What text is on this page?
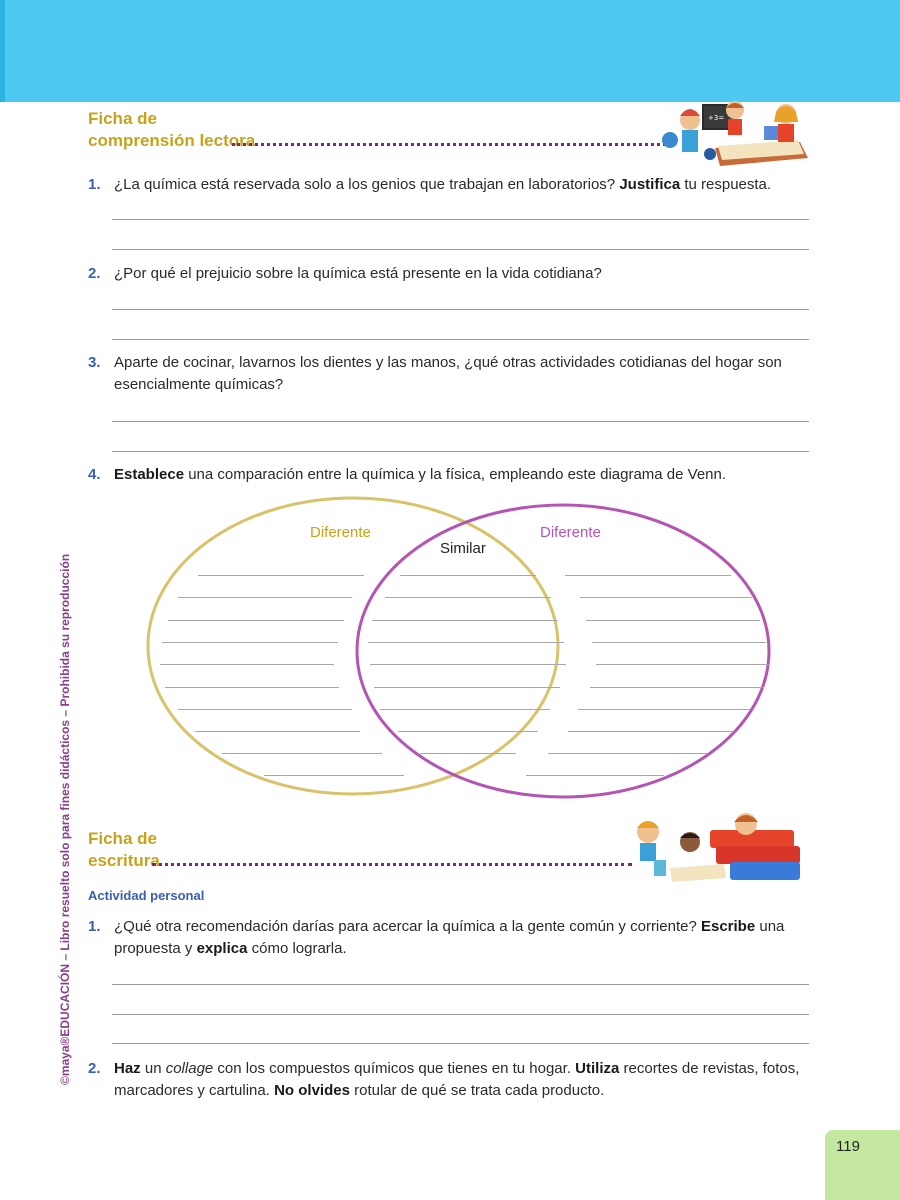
©maya®EDUCACIÓN – Libro resuelto solo para fines didácticos – Prohibida su reproducción
Ficha de
comprensión lectora
+3=
1. ¿La química está reservada solo a los genios que trabajan en laboratorios? Justifica tu respuesta.
2. ¿Por qué el prejuicio sobre la química está presente en la vida cotidiana?
3. Aparte de cocinar, lavarnos los dientes y las manos, ¿qué otras actividades cotidianas del hogar son esencialmente químicas?
4. Establece una comparación entre la química y la física, empleando este diagrama de Venn.
Diferente
Similar
Diferente
Ficha de
escritura
Actividad personal
1. ¿Qué otra recomendación darías para acercar la química a la gente común y corriente? Escribe una propuesta y explica cómo lograrla.
2. Haz un collage con los compuestos químicos que tienes en tu hogar. Utiliza recortes de revistas, fotos, marcadores y cartulina. No olvides rotular de qué se trata cada producto.
119
